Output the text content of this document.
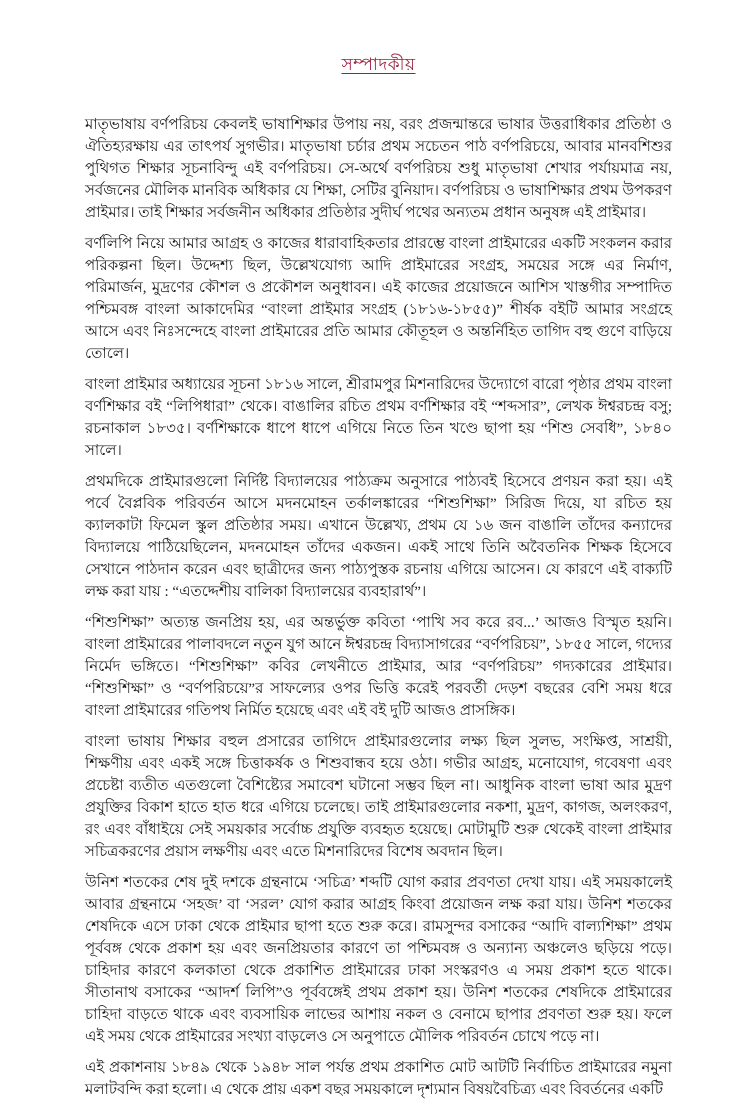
সম্পাদকীয়

মাতৃভাষায় বর্ণপরিচয় কেবলই ভাষাশিক্ষার উপায় নয়, বরং প্রজন্মান্তরে ভাষার উত্তরাধিকার প্রতিষ্ঠা ও ঐতিহ্যরক্ষায় এর তাৎপর্য সুগভীর। মাতৃভাষা চর্চার প্রথম সচেতন পাঠ বর্ণপরিচয়ে, আবার মানবশিশুর পুথিগত শিক্ষার সূচনাবিন্দু এই বর্ণপরিচয়। সে-অর্থে বর্ণপরিচয় শুধু মাতৃভাষা শেখার পর্যায়মাত্র নয়, সর্বজনের মৌলিক মানবিক অধিকার যে শিক্ষা, সেটির বুনিয়াদ। বর্ণপরিচয় ও ভাষাশিক্ষার প্রথম উপকরণ প্রাইমার। তাই শিক্ষার সর্বজনীন অধিকার প্রতিষ্ঠার সুদীর্ঘ পথের অন্যতম প্রধান অনুষঙ্গ এই প্রাইমার।

বর্ণলিপি নিয়ে আমার আগ্রহ ও কাজের ধারাবাহিকতার প্রারম্ভে বাংলা প্রাইমারের একটি সংকলন করার পরিকল্পনা ছিল। উদ্দেশ্য ছিল, উল্লেখযোগ্য আদি প্রাইমারের সংগ্রহ, সময়ের সঙ্গে এর নির্মাণ, পরিমার্জন, মুদ্রণের কৌশল ও প্রকৌশল অনুধাবন। এই কাজের প্রয়োজনে আশিস খাস্তগীর সম্পাদিত পশ্চিমবঙ্গ বাংলা আকাদেমির “বাংলা প্রাইমার সংগ্রহ (১৮১৬-১৮৫৫)” শীর্ষক বইটি আমার সংগ্রহে আসে এবং নিঃসন্দেহে বাংলা প্রাইমারের প্রতি আমার কৌতূহল ও অন্তর্নিহিত তাগিদ বহু গুণে বাড়িয়ে তোলে।

বাংলা প্রাইমার অধ্যায়ের সূচনা ১৮১৬ সালে, শ্রীরামপুর মিশনারিদের উদ্যোগে বারো পৃষ্ঠার প্রথম বাংলা বর্ণশিক্ষার বই “লিপিধারা” থেকে। বাঙালির রচিত প্রথম বর্ণশিক্ষার বই “শব্দসার”, লেখক ঈশ্বরচন্দ্র বসু; রচনাকাল ১৮৩৫। বর্ণশিক্ষাকে ধাপে ধাপে এগিয়ে নিতে তিন খণ্ডে ছাপা হয় “শিশু সেবধি”, ১৮৪০ সালে।

প্রথমদিকে প্রাইমারগুলো নির্দিষ্ট বিদ্যালয়ের পাঠ্যক্রম অনুসারে পাঠ্যবই হিসেবে প্রণয়ন করা হয়। এই পর্বে বৈপ্লবিক পরিবর্তন আসে মদনমোহন তর্কালঙ্কারের “শিশুশিক্ষা” সিরিজ দিয়ে, যা রচিত হয় ক্যালকাটা ফিমেল স্কুল প্রতিষ্ঠার সময়। এখানে উল্লেখ্য, প্রথম যে ১৬ জন বাঙালি তাঁদের কন্যাদের বিদ্যালয়ে পাঠিয়েছিলেন, মদনমোহন তাঁদের একজন। একই সাথে তিনি অবৈতনিক শিক্ষক হিসেবে সেখানে পাঠদান করেন এবং ছাত্রীদের জন্য পাঠ্যপুস্তক রচনায় এগিয়ে আসেন। যে কারণে এই বাক্যটি লক্ষ করা যায় : “এতদ্দেশীয় বালিকা বিদ্যালয়ের ব্যবহারার্থ”।

“শিশুশিক্ষা” অত্যন্ত জনপ্রিয় হয়, এর অন্তর্ভুক্ত কবিতা ‘পাখি সব করে রব...’ আজও বিস্মৃত হয়নি। বাংলা প্রাইমারের পালাবদলে নতুন যুগ আনে ঈশ্বরচন্দ্র বিদ্যাসাগরের “বর্ণপরিচয়”, ১৮৫৫ সালে, গদ্যের নির্মেদ ভঙ্গিতে। “শিশুশিক্ষা” কবির লেখনীতে প্রাইমার, আর “বর্ণপরিচয়” গদ্যকারের প্রাইমার। “শিশুশিক্ষা” ও “বর্ণপরিচয়ে”র সাফল্যের ওপর ভিত্তি করেই পরবর্তী দেড়শ বছরের বেশি সময় ধরে বাংলা প্রাইমারের গতিপথ নির্মিত হয়েছে এবং এই বই দুটি আজও প্রাসঙ্গিক।

বাংলা ভাষায় শিক্ষার বহুল প্রসারের তাগিদে প্রাইমারগুলোর লক্ষ্য ছিল সুলভ, সংক্ষিপ্ত, সাশ্রয়ী, শিক্ষণীয় এবং একই সঙ্গে চিত্তাকর্ষক ও শিশুবান্ধব হয়ে ওঠা। গভীর আগ্রহ, মনোযোগ, গবেষণা এবং প্রচেষ্টা ব্যতীত এতগুলো বৈশিষ্ট্যের সমাবেশ ঘটানো সম্ভব ছিল না। আধুনিক বাংলা ভাষা আর মুদ্রণ প্রযুক্তির বিকাশ হাতে হাত ধরে এগিয়ে চলেছে। তাই প্রাইমারগুলোর নকশা, মুদ্রণ, কাগজ, অলংকরণ, রং এবং বাঁধাইয়ে সেই সময়কার সর্বোচ্চ প্রযুক্তি ব্যবহৃত হয়েছে। মোটামুটি শুরু থেকেই বাংলা প্রাইমার সচিত্রকরণের প্রয়াস লক্ষণীয় এবং এতে মিশনারিদের বিশেষ অবদান ছিল।

উনিশ শতকের শেষ দুই দশকে গ্রন্থনামে ‘সচিত্র’ শব্দটি যোগ করার প্রবণতা দেখা যায়। এই সময়কালেই আবার গ্রন্থনামে ‘সহজ’ বা ‘সরল’ যোগ করার আগ্রহ কিংবা প্রয়োজন লক্ষ করা যায়। উনিশ শতকের শেষদিকে এসে ঢাকা থেকে প্রাইমার ছাপা হতে শুরু করে। রামসুন্দর বসাকের “আদি বাল্যশিক্ষা” প্রথম পূর্ববঙ্গ থেকে প্রকাশ হয় এবং জনপ্রিয়তার কারণে তা পশ্চিমবঙ্গ ও অন্যান্য অঞ্চলেও ছড়িয়ে পড়ে। চাহিদার কারণে কলকাতা থেকে প্রকাশিত প্রাইমারের ঢাকা সংস্করণও এ সময় প্রকাশ হতে থাকে। সীতানাথ বসাকের “আদর্শ লিপি”ও পূর্ববঙ্গেই প্রথম প্রকাশ হয়। উনিশ শতকের শেষদিকে প্রাইমারের চাহিদা বাড়তে থাকে এবং ব্যবসায়িক লাভের আশায় নকল ও বেনামে ছাপার প্রবণতা শুরু হয়। ফলে এই সময় থেকে প্রাইমারের সংখ্যা বাড়লেও সে অনুপাতে মৌলিক পরিবর্তন চোখে পড়ে না।

এই প্রকাশনায় ১৮৪৯ থেকে ১৯৪৮ সাল পর্যন্ত প্রথম প্রকাশিত মোট আটটি নির্বাচিত প্রাইমারের নমুনা মলাটবন্দি করা হলো। এ থেকে প্রায় একশ বছর সময়কালে দৃশ্যমান বিষয়বৈচিত্র্য এবং বিবর্তনের একটি
